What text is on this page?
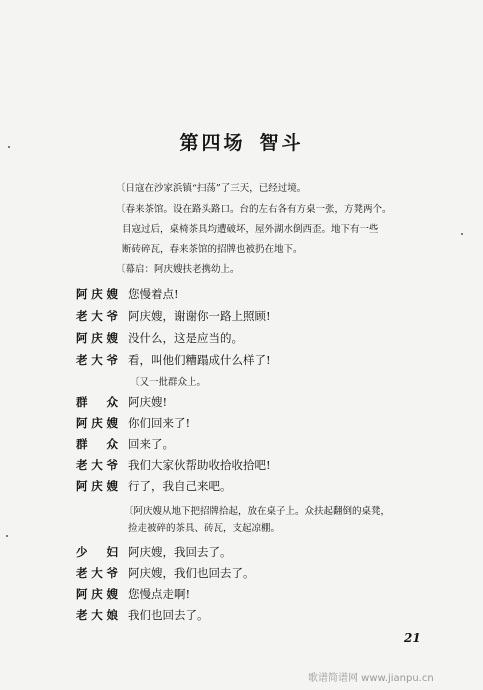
第四场 智斗
〔日寇在沙家浜镇“扫荡”了三天，已经过境。
〔春来茶馆。设在路头路口。台的左右各有方桌一张，方凳两个。
目寇过后，桌椅茶具均遭破坏，屋外湖水倒西歪。地下有一些
断砖碎瓦，春来茶馆的招牌也被扔在地下。
〔幕启：阿庆嫂扶老携幼上。
阿庆嫂 您慢着点!
老大爷 阿庆嫂，谢谢你一路上照顾!
阿庆嫂 没什么，这是应当的。
老大爷 看，叫他们糟蹋成什么样了!
〔又一批群众上。
群众 阿庆嫂!
阿庆嫂 你们回来了!
群众 回来了。
老大爷 我们大家伙帮助收拾收拾吧!
阿庆嫂 行了，我自己来吧。
〔阿庆嫂从地下把招牌拾起，放在桌子上。众扶起翻倒的桌凳，
捡走被碎的茶具、砖瓦，支起凉棚。
少妇 阿庆嫂，我回去了。
老大爷 阿庆嫂，我们也回去了。
阿庆嫂 您慢点走啊!
老大娘 我们也回去了。
21
歌谱简谱网 www.jianpu.cn
